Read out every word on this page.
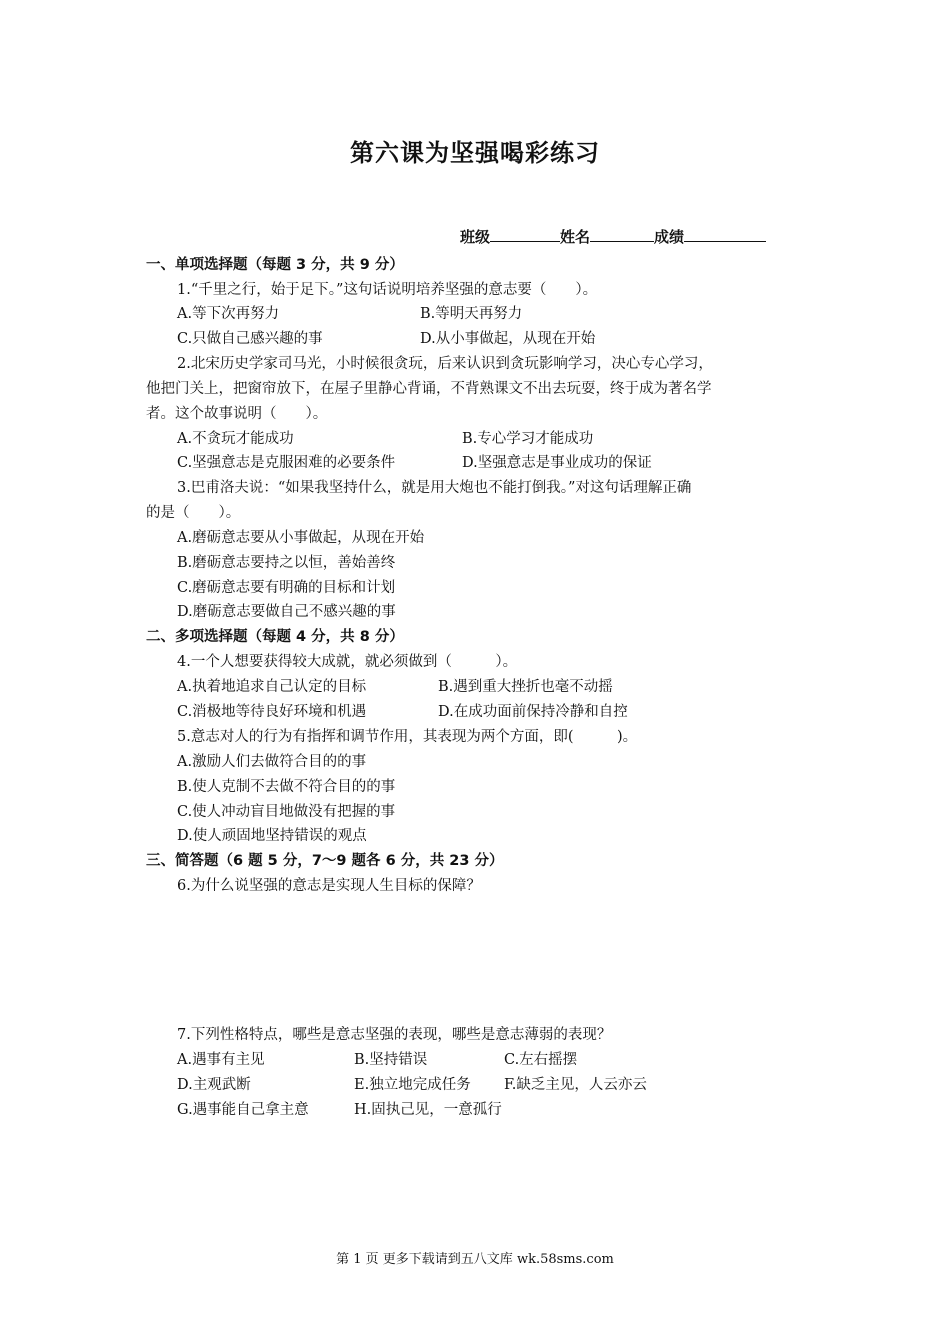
第六课为坚强喝彩练习
班级	姓名	成绩
一、单项选择题（每题 3 分，共 9 分）
1.“千里之行，始于足下。”这句话说明培养坚强的意志要（　　）。
A.等下次再努力	B.等明天再努力
C.只做自己感兴趣的事	D.从小事做起，从现在开始
2.北宋历史学家司马光，小时候很贪玩，后来认识到贪玩影响学习，决心专心学习，
他把门关上，把窗帘放下，在屋子里静心背诵，不背熟课文不出去玩耍，终于成为著名学
者。这个故事说明（　　）。
A.不贪玩才能成功	B.专心学习才能成功
C.坚强意志是克服困难的必要条件	D.坚强意志是事业成功的保证
3.巴甫洛夫说：“如果我坚持什么，就是用大炮也不能打倒我。”对这句话理解正确
的是（　　）。
A.磨砺意志要从小事做起，从现在开始
B.磨砺意志要持之以恒，善始善终
C.磨砺意志要有明确的目标和计划
D.磨砺意志要做自己不感兴趣的事
二、多项选择题（每题 4 分，共 8 分）
4.一个人想要获得较大成就，就必须做到（　　　）。
A.执着地追求自己认定的目标	B.遇到重大挫折也毫不动摇
C.消极地等待良好环境和机遇	D.在成功面前保持冷静和自控
5.意志对人的行为有指挥和调节作用，其表现为两个方面，即(　　　)。
A.激励人们去做符合目的的事
B.使人克制不去做不符合目的的事
C.使人冲动盲目地做没有把握的事
D.使人顽固地坚持错误的观点
三、简答题（6 题 5 分，7～9 题各 6 分，共 23 分）
6.为什么说坚强的意志是实现人生目标的保障？
7.下列性格特点，哪些是意志坚强的表现，哪些是意志薄弱的表现？
A.遇事有主见	B.坚持错误	C.左右摇摆
D.主观武断	E.独立地完成任务 F.缺乏主见，人云亦云
G.遇事能自己拿主意	H.固执己见，一意孤行
第 1 页 更多下载请到五八文库 wk.58sms.com
